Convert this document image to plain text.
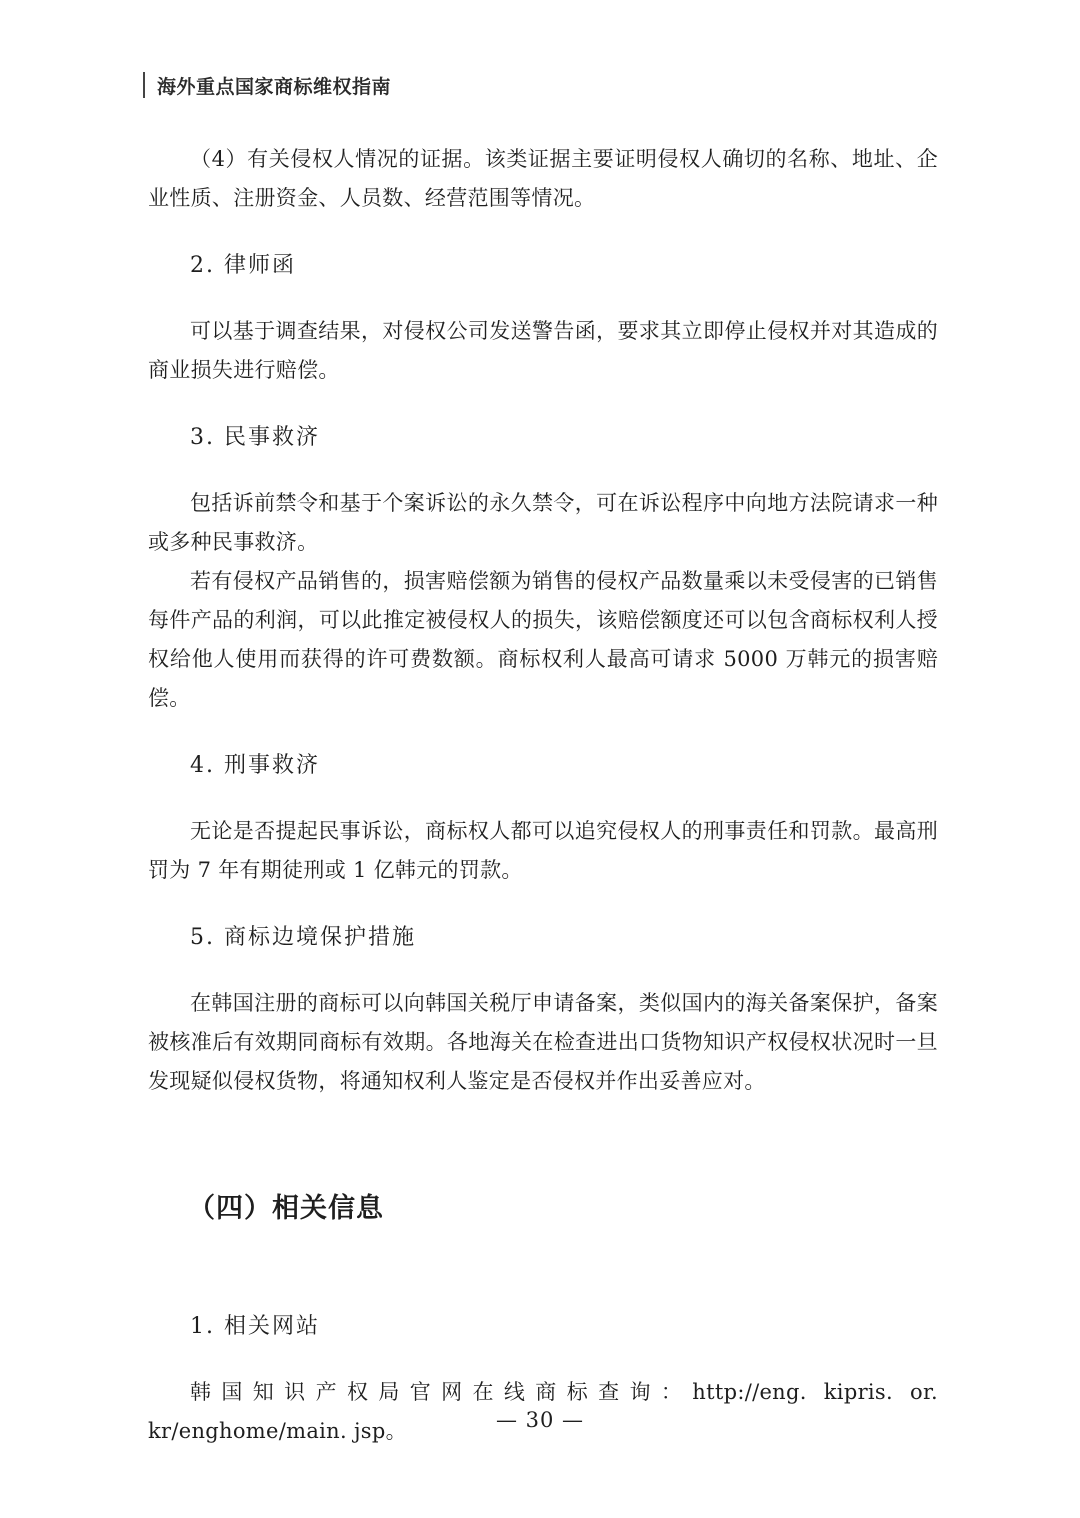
海外重点国家商标维权指南

（4）有关侵权人情况的证据。该类证据主要证明侵权人确切的名称、地址、企业性质、注册资金、人员数、经营范围等情况。

2. 律师函

可以基于调查结果，对侵权公司发送警告函，要求其立即停止侵权并对其造成的商业损失进行赔偿。

3. 民事救济

包括诉前禁令和基于个案诉讼的永久禁令，可在诉讼程序中向地方法院请求一种或多种民事救济。

若有侵权产品销售的，损害赔偿额为销售的侵权产品数量乘以未受侵害的已销售每件产品的利润，可以此推定被侵权人的损失，该赔偿额度还可以包含商标权利人授权给他人使用而获得的许可费数额。商标权利人最高可请求 5000 万韩元的损害赔偿。

4. 刑事救济

无论是否提起民事诉讼，商标权人都可以追究侵权人的刑事责任和罚款。最高刑罚为 7 年有期徒刑或 1 亿韩元的罚款。

5. 商标边境保护措施

在韩国注册的商标可以向韩国关税厅申请备案，类似国内的海关备案保护，备案被核准后有效期同商标有效期。各地海关在检查进出口货物知识产权侵权状况时一旦发现疑似侵权货物，将通知权利人鉴定是否侵权并作出妥善应对。

（四）相关信息

1. 相关网站

韩国知识产权局官网在线商标查询：http://eng. kipris. or. kr/enghome/main. jsp。	— 30 —
